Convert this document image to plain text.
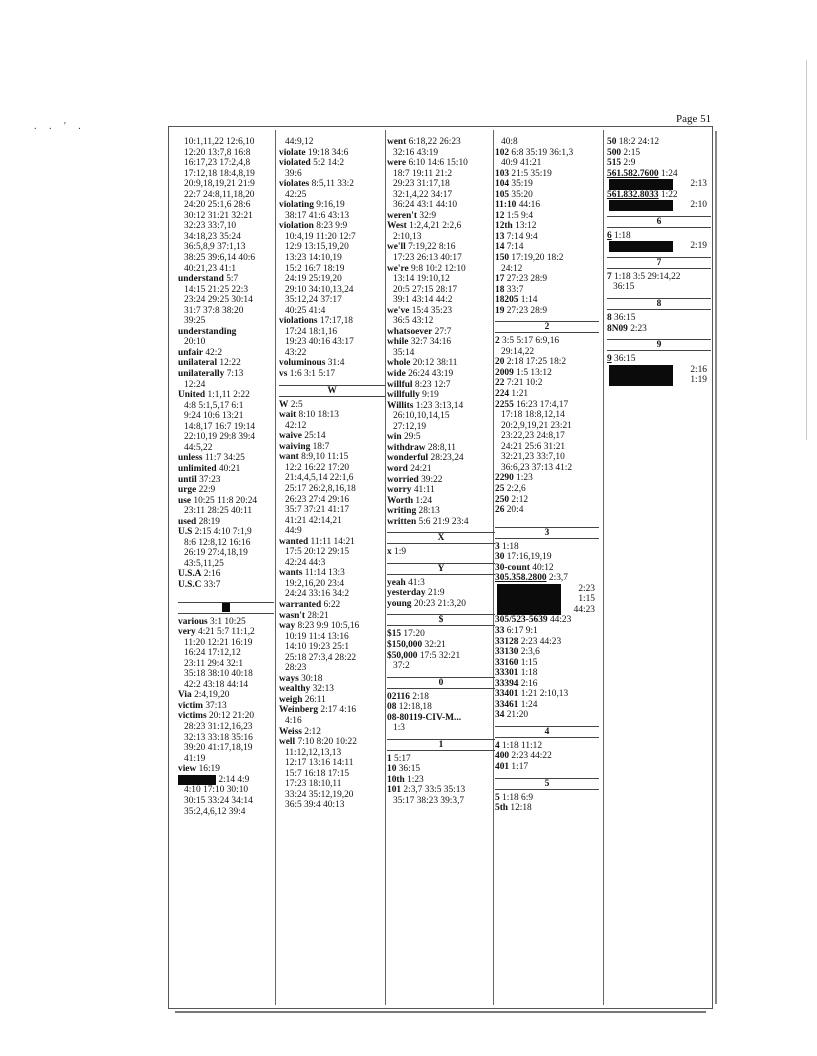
Page 51
. . ' .
10:1,11,22 12:6,10
12:20 13:7,8 16:8
16:17,23 17:2,4,8
17:12,18 18:4,8,19
20:9,18,19,21 21:9
22:7 24:8,11,18,20
24:20 25:1,6 28:6
30:12 31:21 32:21
32:23 33:7,10
34:18,23 35:24
36:5,8,9 37:1,13
38:25 39:6,14 40:6
40:21,23 41:1
understand 5:7
14:15 21:25 22:3
23:24 29:25 30:14
31:7 37:8 38:20
39:25
understanding
20:10
unfair 42:2
unilateral 12:22
unilaterally 7:13
12:24
United 1:1,11 2:22
4:8 5:1,5,17 6:1
9:24 10:6 13:21
14:8,17 16:7 19:14
22:10,19 29:8 39:4
44:5,22
unless 11:7 34:25
unlimited 40:21
until 37:23
urge 22:9
use 10:25 11:8 20:24
23:11 28:25 40:11
used 28:19
U.S 2:15 4:10 7:1,9
8:6 12:8,12 16:16
26:19 27:4,18,19
43:5,11,25
U.S.A 2:16
U.S.C 33:7
various 3:1 10:25
very 4:21 5:7 11:1,2
11:20 12:21 16:19
16:24 17:12,12
23:11 29:4 32:1
35:18 38:10 40:18
42:2 43:18 44:14
Via 2:4,19,20
victim 37:13
victims 20:12 21:20
28:23 31:12,16,23
32:13 33:18 35:16
39:20 41:17,18,19
41:19
view 16:19
2:14 4:9
4:10 17:10 30:10
30:15 33:24 34:14
35:2,4,6,12 39:4
44:9,12
violate 19:18 34:6
violated 5:2 14:2
39:6
violates 8:5,11 33:2
42:25
violating 9:16,19
38:17 41:6 43:13
violation 8:23 9:9
10:4,19 11:20 12:7
12:9 13:15,19,20
13:23 14:10,19
15:2 16:7 18:19
24:19 25:19,20
29:10 34:10,13,24
35:12,24 37:17
40:25 41:4
violations 17:17,18
17:24 18:1,16
19:23 40:16 43:17
43:22
voluminous 31:4
vs 1:6 3:1 5:17
W
W 2:5
wait 8:10 18:13
42:12
waive 25:14
waiving 18:7
want 8:9,10 11:15
12:2 16:22 17:20
21:4,4,5,14 22:1,6
25:17 26:2,8,16,18
26:23 27:4 29:16
35:7 37:21 41:17
41:21 42:14,21
44:9
wanted 11:11 14:21
17:5 20:12 29:15
42:24 44:3
wants 11:14 13:3
19:2,16,20 23:4
24:24 33:16 34:2
warranted 6:22
wasn't 28:21
way 8:23 9:9 10:5,16
10:19 11:4 13:16
14:10 19:23 25:1
25:18 27:3,4 28:22
28:23
ways 30:18
wealthy 32:13
weigh 26:11
Weinberg 2:17 4:16
4:16
Weiss 2:12
well 7:10 8:20 10:22
11:12,12,13,13
12:17 13:16 14:11
15:7 16:18 17:15
17:23 18:10,11
33:24 35:12,19,20
36:5 39:4 40:13
went 6:18,22 26:23
32:16 43:19
were 6:10 14:6 15:10
18:7 19:11 21:2
29:23 31:17,18
32:1,4,22 34:17
36:24 43:1 44:10
weren't 32:9
West 1:2,4,21 2:2,6
2:10,13
we'll 7:19,22 8:16
17:23 26:13 40:17
we're 9:8 10:2 12:10
13:14 19:10,12
20:5 27:15 28:17
39:1 43:14 44:2
we've 15:4 35:23
36:5 43:12
whatsoever 27:7
while 32:7 34:16
35:14
whole 20:12 38:11
wide 26:24 43:19
willful 8:23 12:7
willfully 9:19
Willits 1:23 3:13,14
26:10,10,14,15
27:12,19
win 29:5
withdraw 28:8,11
wonderful 28:23,24
word 24:21
worried 39:22
worry 41:11
Worth 1:24
writing 28:13
written 5:6 21:9 23:4
X
x 1:9
Y
yeah 41:3
yesterday 21:9
young 20:23 21:3,20
$
$15 17:20
$150,000 32:21
$50,000 17:5 32:21
37:2
0
02116 2:18
08 12:18,18
08-80119-CIV-M...
1:3
1
1 5:17
10 36:15
10th 1:23
101 2:3,7 33:5 35:13
35:17 38:23 39:3,7
40:8
102 6:8 35:19 36:1,3
40:9 41:21
103 21:5 35:19
104 35:19
105 35:20
11:10 44:16
12 1:5 9:4
12th 13:12
13 7:14 9:4
14 7:14
150 17:19,20 18:2
24:12
17 27:23 28:9
18 33:7
18205 1:14
19 27:23 28:9
2
2 3:5 5:17 6:9,16
29:14,22
20 2:18 17:25 18:2
2009 1:5 13:12
22 7:21 10:2
224 1:21
2255 16:23 17:4,17
17:18 18:8,12,14
20:2,9,19,21 23:21
23:22,23 24:8,17
24:21 25:6 31:21
32:21,23 33:7,10
36:6,23 37:13 41:2
2290 1:23
25 2:2,6
250 2:12
26 20:4
3
3 1:18
30 17:16,19,19
30-count 40:12
305.358.2800 2:3,7
2:23
1:15
44:23
305/523-5639 44:23
33 6:17 9:1
33128 2:23 44:23
33130 2:3,6
33160 1:15
33301 1:18
33394 2:16
33401 1:21 2:10,13
33461 1:24
34 21:20
4
4 1:18 11:12
400 2:23 44:22
401 1:17
5
5 1:18 6:9
5th 12:18
50 18:2 24:12
500 2:15
515 2:9
561.582.7600 1:24
2:13
561.832.8033 1:22
2:10
6
6 1:18
2:19
7
7 1:18 3:5 29:14,22
36:15
8
8 36:15
8N09 2:23
9
9 36:15
2:16
1:19
